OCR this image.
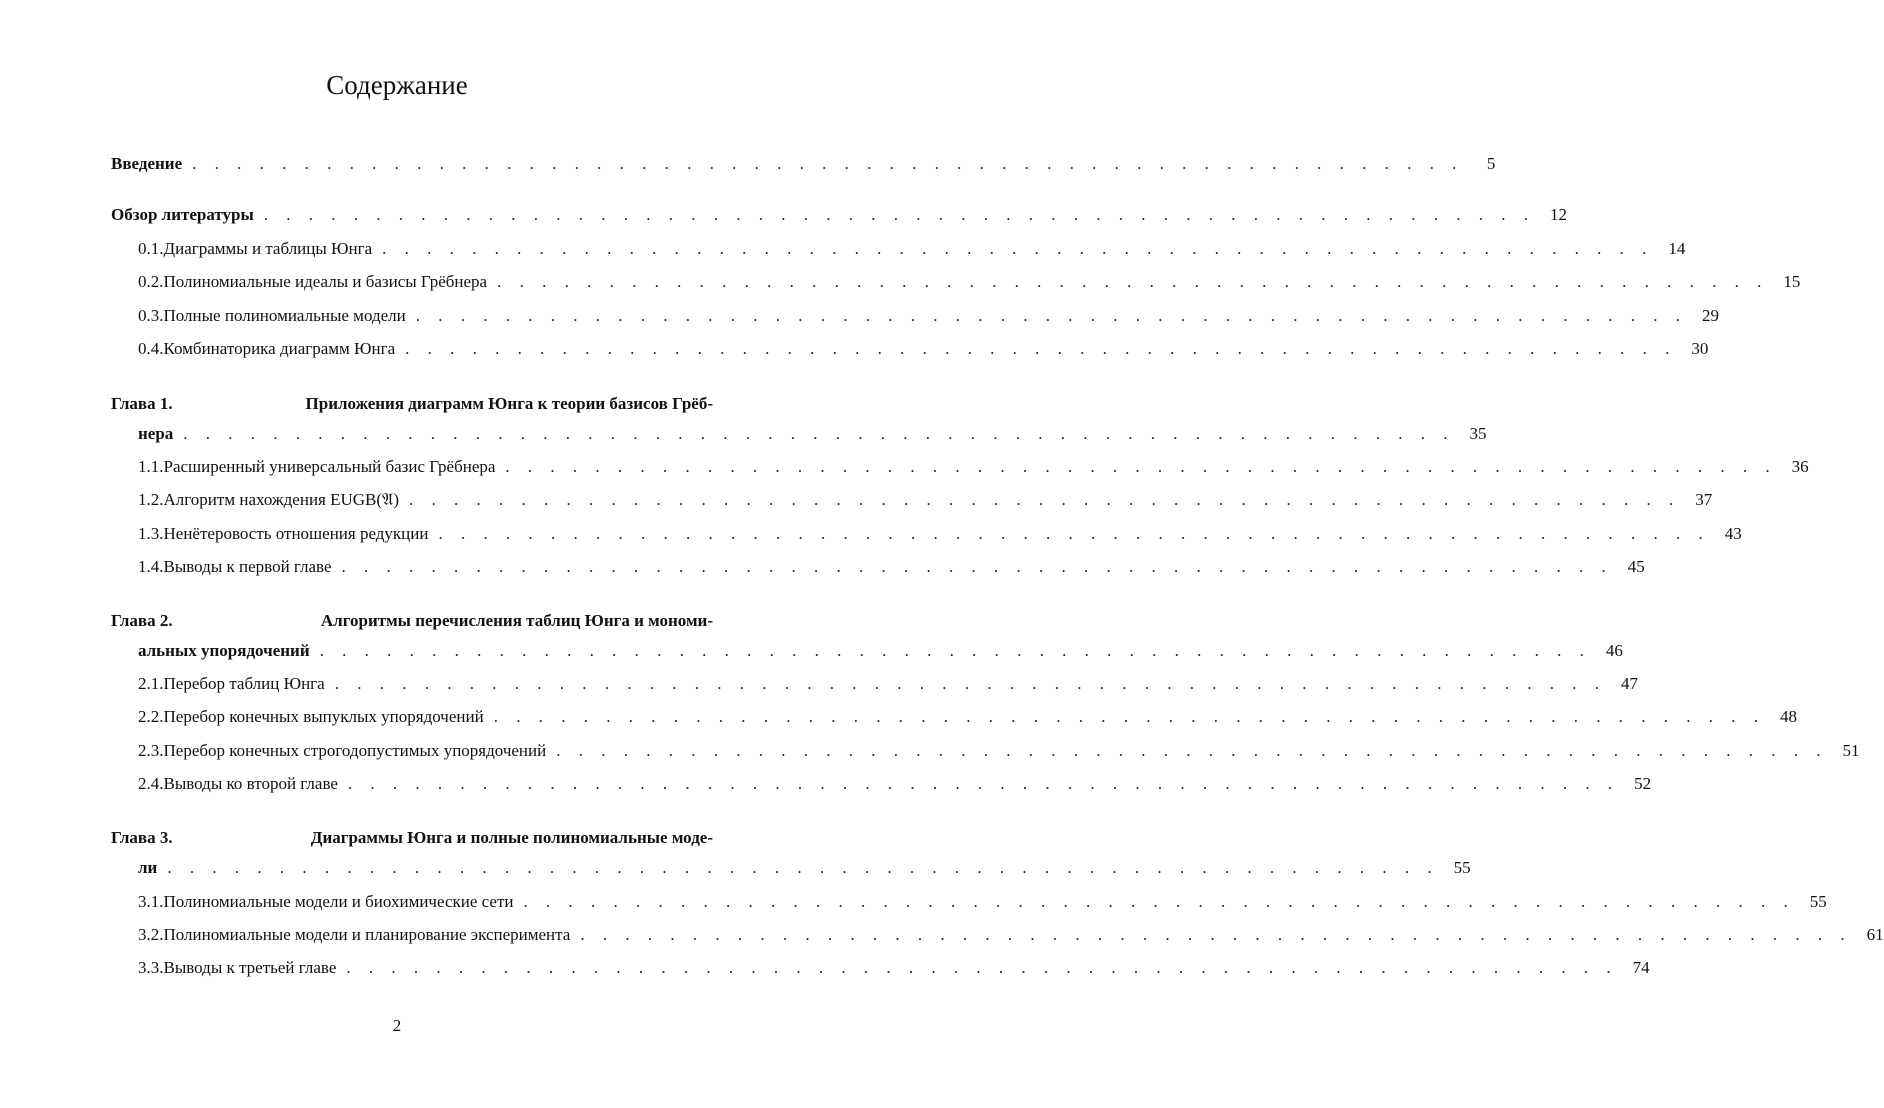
Содержание
Введение . . . . . . . . . . . . . . . . . . . . . . . . . . . . . . . . . . . . . . . . . . . . . . . . . . . . . . . . .	5
Обзор литературы . . . . . . . . . . . . . . . . . . . . . . . . . . . . . . . . . . . . . . . . . . . . . . . . . . . . . . . . . 12
0.1. Диаграммы и таблицы Юнга . . . . . . . . . . . . . . . . . . . . . . . . . . . . . . . . . . . . . . . . . . . . . . . . . . . . . . . . . 14
0.2. Полиномиальные идеалы и базисы Грёбнера . . . . . . . . . . . . . . . . . . . . . . . . . . . . . . . . . . . . . . . . . . . . . . . . . . . . . . . . . 15
0.3. Полные полиномиальные модели . . . . . . . . . . . . . . . . . . . . . . . . . . . . . . . . . . . . . . . . . . . . . . . . . . . . . . . . . 29
0.4. Комбинаторика диаграмм Юнга . . . . . . . . . . . . . . . . . . . . . . . . . . . . . . . . . . . . . . . . . . . . . . . . . . . . . . . . . 30
Глава 1.	Приложения диаграмм Юнга к теории базисов Грёб-
нера . . . . . . . . . . . . . . . . . . . . . . . . . . . . . . . . . . . . . . . . . . . . . . . . . . . . . . . . . 35
1.1. Расширенный универсальный базис Грёбнера . . . . . . . . . . . . . . . . . . . . . . . . . . . . . . . . . . . . . . . . . . . . . . . . . . . . . . . . . 36
1.2. Алгоритм нахождения EUGB(𝔄) . . . . . . . . . . . . . . . . . . . . . . . . . . . . . . . . . . . . . . . . . . . . . . . . . . . . . . . . . 37
1.3. Ненётеровость отношения редукции . . . . . . . . . . . . . . . . . . . . . . . . . . . . . . . . . . . . . . . . . . . . . . . . . . . . . . . . . 43
1.4. Выводы к первой главе . . . . . . . . . . . . . . . . . . . . . . . . . . . . . . . . . . . . . . . . . . . . . . . . . . . . . . . . . 45
Глава 2.	Алгоритмы перечисления таблиц Юнга и мономи-
альных упорядочений . . . . . . . . . . . . . . . . . . . . . . . . . . . . . . . . . . . . . . . . . . . . . . . . . . . . . . . . . 46
2.1. Перебор таблиц Юнга . . . . . . . . . . . . . . . . . . . . . . . . . . . . . . . . . . . . . . . . . . . . . . . . . . . . . . . . . 47
2.2. Перебор конечных выпуклых упорядочений . . . . . . . . . . . . . . . . . . . . . . . . . . . . . . . . . . . . . . . . . . . . . . . . . . . . . . . . . 48
2.3. Перебор конечных строгодопустимых упорядочений . . . . . . . . . . . . . . . . . . . . . . . . . . . . . . . . . . . . . . . . . . . . . . . . . . . . . . . . . 51
2.4. Выводы ко второй главе . . . . . . . . . . . . . . . . . . . . . . . . . . . . . . . . . . . . . . . . . . . . . . . . . . . . . . . . . 52
Глава 3.	Диаграммы Юнга и полные полиномиальные моде-
ли . . . . . . . . . . . . . . . . . . . . . . . . . . . . . . . . . . . . . . . . . . . . . . . . . . . . . . . . . 55
3.1. Полиномиальные модели и биохимические сети . . . . . . . . . . . . . . . . . . . . . . . . . . . . . . . . . . . . . . . . . . . . . . . . . . . . . . . . . 55
3.2. Полиномиальные модели и планирование эксперимента . . . . . . . . . . . . . . . . . . . . . . . . . . . . . . . . . . . . . . . . . . . . . . . . . . . . . . . . . 61
3.3. Выводы к третьей главе . . . . . . . . . . . . . . . . . . . . . . . . . . . . . . . . . . . . . . . . . . . . . . . . . . . . . . . . . 74
2
